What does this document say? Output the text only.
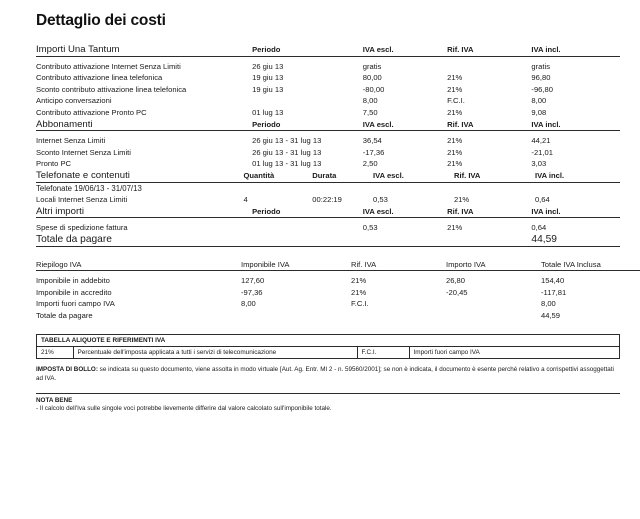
Dettaglio dei costi
Importi Una Tantum	Periodo	IVA escl.	Rif. IVA	IVA incl.
Contributo attivazione Internet Senza Limiti	26 giu 13	gratis		gratis
Contributo attivazione linea telefonica	19 giu 13	80,00	21%	96,80
Sconto contributo attivazione linea telefonica	19 giu 13	-80,00	21%	-96,80
Anticipo conversazioni		8,00	F.C.I.	8,00
Contributo attivazione Pronto PC	01 lug 13	7,50	21%	9,08
Abbonamenti	Periodo	IVA escl.	Rif. IVA	IVA incl.
Internet Senza Limiti	26 giu 13 - 31 lug 13	36,54	21%	44,21
Sconto Internet Senza Limiti	26 giu 13 - 31 lug 13	-17,36	21%	-21,01
Pronto PC	01 lug 13 - 31 lug 13	2,50	21%	3,03
Telefonate e contenuti	Quantità	Durata	IVA escl.	Rif. IVA	IVA incl.
Telefonate 19/06/13 - 31/07/13					
Locali Internet Senza Limiti	4	00:22:19	0,53	21%	0,64
Altri importi	Periodo	IVA escl.	Rif. IVA	IVA incl.
Spese di spedizione fattura		0,53	21%	0,64
Totale da pagare	44,59
Riepilogo IVA	Imponibile IVA	Rif. IVA	Importo IVA	Totale IVA Inclusa
Imponibile in addebito	127,60	21%	26,80	154,40
Imponibile in accredito	-97,36	21%	-20,45	-117,81
Importi fuori campo IVA	8,00	F.C.I.		8,00
Totale da pagare				44,59
TABELLA ALIQUOTE E RIFERIMENTI IVA
21%	Percentuale dell'imposta applicata a tutti i servizi di telecomunicazione	F.C.I.	Importi fuori campo IVA
IMPOSTA DI BOLLO: se indicata su questo documento, viene assolta in modo virtuale [Aut. Ag. Entr. MI 2 - n. 59560/2001]; se non è indicata, il documento è esente perché relativo a corrispettivi assoggettati ad IVA.
NOTA BENE
- Il calcolo dell'Iva sulle singole voci potrebbe lievemente differire dal valore calcolato sull'imponibile totale.
